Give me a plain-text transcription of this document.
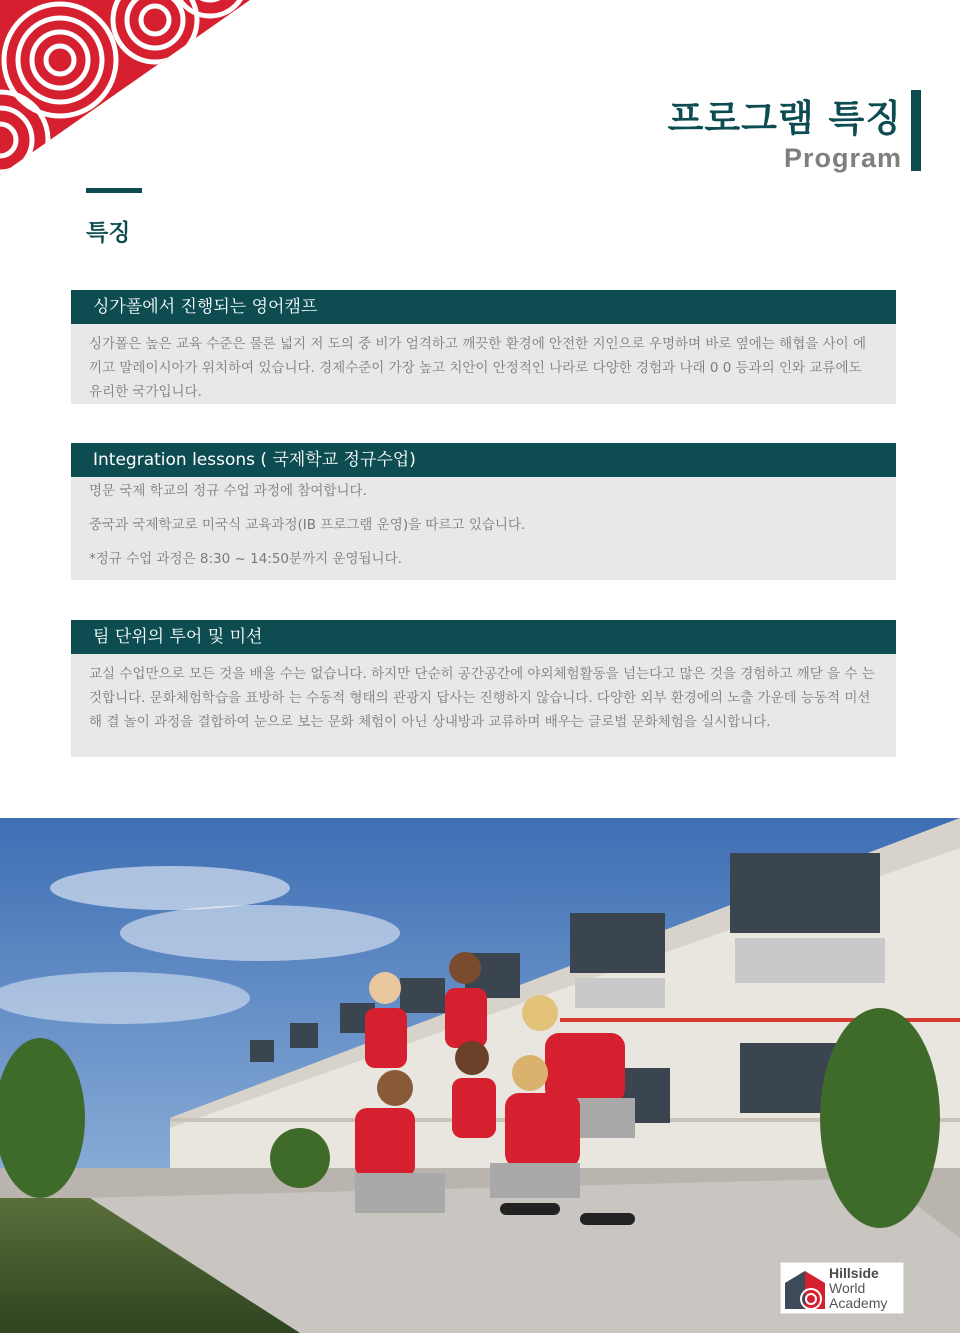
프로그램 특징
Program
특징
싱가폴에서 진행되는 영어캠프

싱가폴은 높은 교육 수준은 물론 넓지 저 도의 중 비가 엄격하고 깨끗한 환경에 안전한 지인으로 우명하며 바로 옆에는 해협을 사이 에 끼고 말레이시아가 위치하여 있습니다. 경제수준이 가장 높고 치안이 안정적인 나라로 다양한 경험과 나래 0 0 등과의 인와 교류에도 유리한 국가입니다.

Integration lessons ( 국제학교 정규수업)

명문 국제 학교의 정규 수업 과정에 참여합니다.

중국과 국제학교로 미국식 교육과정(IB 프로그램 운영)을 따르고 있습니다.

*정규 수업 과정은 8:30 ~ 14:50분까지 운영됩니다.

팀 단위의 투어 및 미션

교실 수업만으로 모든 것을 배울 수는 없습니다. 하지만 단순히 공간공간에 야외체험활동을 넘는다고 많은 것을 경험하고 깨닫 을 수 는 것합니다. 문화체험학습을 표방하 는 수동적 형태의 관광지 답사는 진행하지 않습니다. 다양한 외부 환경에의 노출 가운데 능동적 미션해 결 놀이 과정을 결합하여 눈으로 보는 문화 체험이 아닌 상내방과 교류하며 배우는 글로벌 문화체험을 실시합니다.

Hillside
World
Academy
